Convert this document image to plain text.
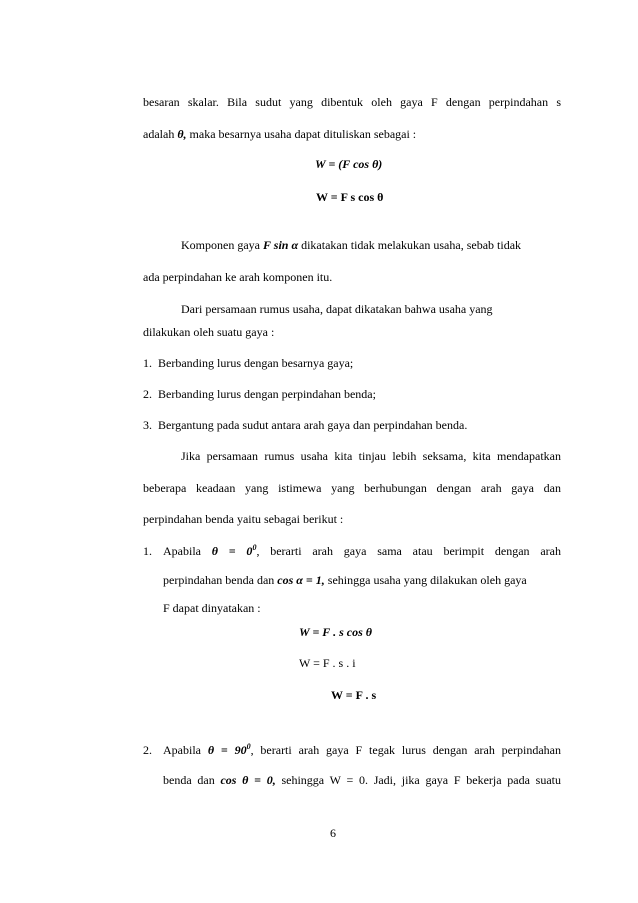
besaran skalar. Bila sudut yang dibentuk oleh gaya F dengan perpindahan s
adalah θ, maka besarnya usaha dapat dituliskan sebagai :
W = (F cos θ)
W = F s cos θ
Komponen gaya F sin α dikatakan tidak melakukan usaha, sebab tidak
ada perpindahan ke arah komponen itu.
Dari persamaan rumus usaha, dapat dikatakan bahwa usaha yang
dilakukan oleh suatu gaya :
1. Berbanding lurus dengan besarnya gaya;
2. Berbanding lurus dengan perpindahan benda;
3. Bergantung pada sudut antara arah gaya dan perpindahan benda.
Jika persamaan rumus usaha kita tinjau lebih seksama, kita mendapatkan
beberapa keadaan yang istimewa yang berhubungan dengan arah gaya dan
perpindahan benda yaitu sebagai berikut :
1. Apabila $\theta = 0^0$, berarti arah gaya sama atau berimpit dengan arah
perpindahan benda dan cos α = 1, sehingga usaha yang dilakukan oleh gaya
F dapat dinyatakan :
W = F . s cos θ
W = F . s . i
W = F . s
2. Apabila $\theta = 90^0$, berarti arah gaya F tegak lurus dengan arah perpindahan
benda dan cos θ = 0, sehingga W = 0. Jadi, jika gaya F bekerja pada suatu
6
